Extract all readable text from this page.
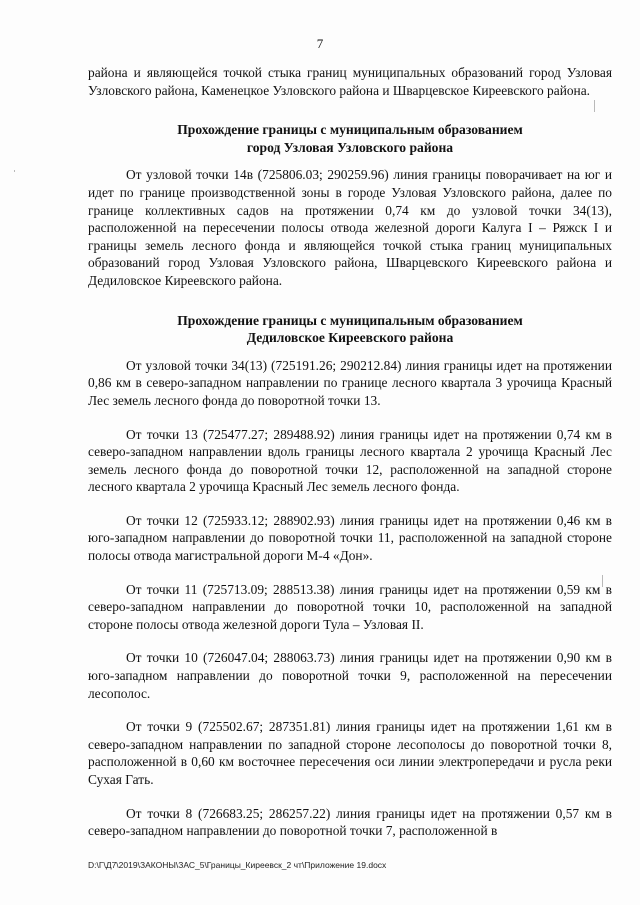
7

района и являющейся точкой стыка границ муниципальных образований город Узловая Узловского района, Каменецкое Узловского района и Шварцевское Киреевского района.

Прохождение границы с муниципальным образованием
город Узловая Узловского района

От узловой точки 14в (725806.03; 290259.96) линия границы поворачивает на юг и идет по границе производственной зоны в городе Узловая Узловского района, далее по границе коллективных садов на протяжении 0,74 км до узловой точки 34(13), расположенной на пересечении полосы отвода железной дороги Калуга I – Ряжск I и границы земель лесного фонда и являющейся точкой стыка границ муниципальных образований город Узловая Узловского района, Шварцевского Киреевского района и Дедиловское Киреевского района.

Прохождение границы с муниципальным образованием
Дедиловское Киреевского района

От узловой точки 34(13) (725191.26; 290212.84) линия границы идет на протяжении 0,86 км в северо-западном направлении по границе лесного квартала 3 урочища Красный Лес земель лесного фонда до поворотной точки 13.

От точки 13 (725477.27; 289488.92) линия границы идет на протяжении 0,74 км в северо-западном направлении вдоль границы лесного квартала 2 урочища Красный Лес земель лесного фонда до поворотной точки 12, расположенной на западной стороне лесного квартала 2 урочища Красный Лес земель лесного фонда.

От точки 12 (725933.12; 288902.93) линия границы идет на протяжении 0,46 км в юго-западном направлении до поворотной точки 11, расположенной на западной стороне полосы отвода магистральной дороги М-4 «Дон».

От точки 11 (725713.09; 288513.38) линия границы идет на протяжении 0,59 км в северо-западном направлении до поворотной точки 10, расположенной на западной стороне полосы отвода железной дороги Тула – Узловая II.

От точки 10 (726047.04; 288063.73) линия границы идет на протяжении 0,90 км в юго-западном направлении до поворотной точки 9, расположенной на пересечении лесополос.

От точки 9 (725502.67; 287351.81) линия границы идет на протяжении 1,61 км в северо-западном направлении по западной стороне лесополосы до поворотной точки 8, расположенной в 0,60 км восточнее пересечения оси линии электропередачи и русла реки Сухая Гать.

От точки 8 (726683.25; 286257.22) линия границы идет на протяжении 0,57 км в северо-западном направлении до поворотной точки 7, расположенной в

D:\Г\Д7\2019\ЗАКОНЫ\ЗАС_5\Границы_Киреевск_2 чт\Приложение 19.docx
